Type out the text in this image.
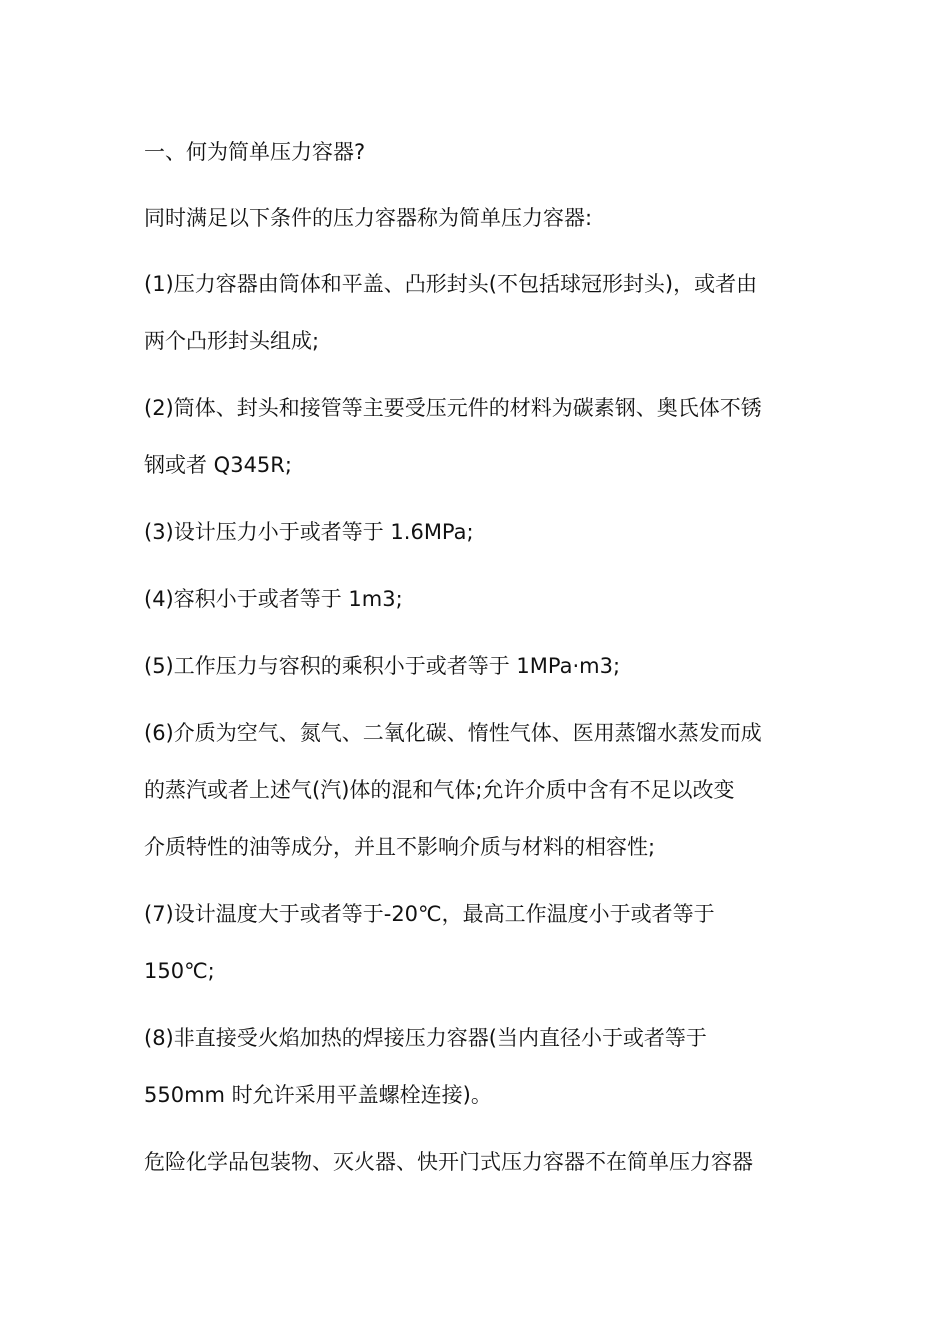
一、何为简单压力容器?
同时满足以下条件的压力容器称为简单压力容器:
(1)压力容器由筒体和平盖、凸形封头(不包括球冠形封头)，或者由
两个凸形封头组成;
(2)筒体、封头和接管等主要受压元件的材料为碳素钢、奥氏体不锈
钢或者 Q345R;
(3)设计压力小于或者等于 1.6MPa;
(4)容积小于或者等于 1m3;
(5)工作压力与容积的乘积小于或者等于 1MPa·m3;
(6)介质为空气、氮气、二氧化碳、惰性气体、医用蒸馏水蒸发而成
的蒸汽或者上述气(汽)体的混和气体;允许介质中含有不足以改变
介质特性的油等成分，并且不影响介质与材料的相容性;
(7)设计温度大于或者等于-20℃，最高工作温度小于或者等于
150℃;
(8)非直接受火焰加热的焊接压力容器(当内直径小于或者等于
550mm 时允许采用平盖螺栓连接)。
危险化学品包装物、灭火器、快开门式压力容器不在简单压力容器
